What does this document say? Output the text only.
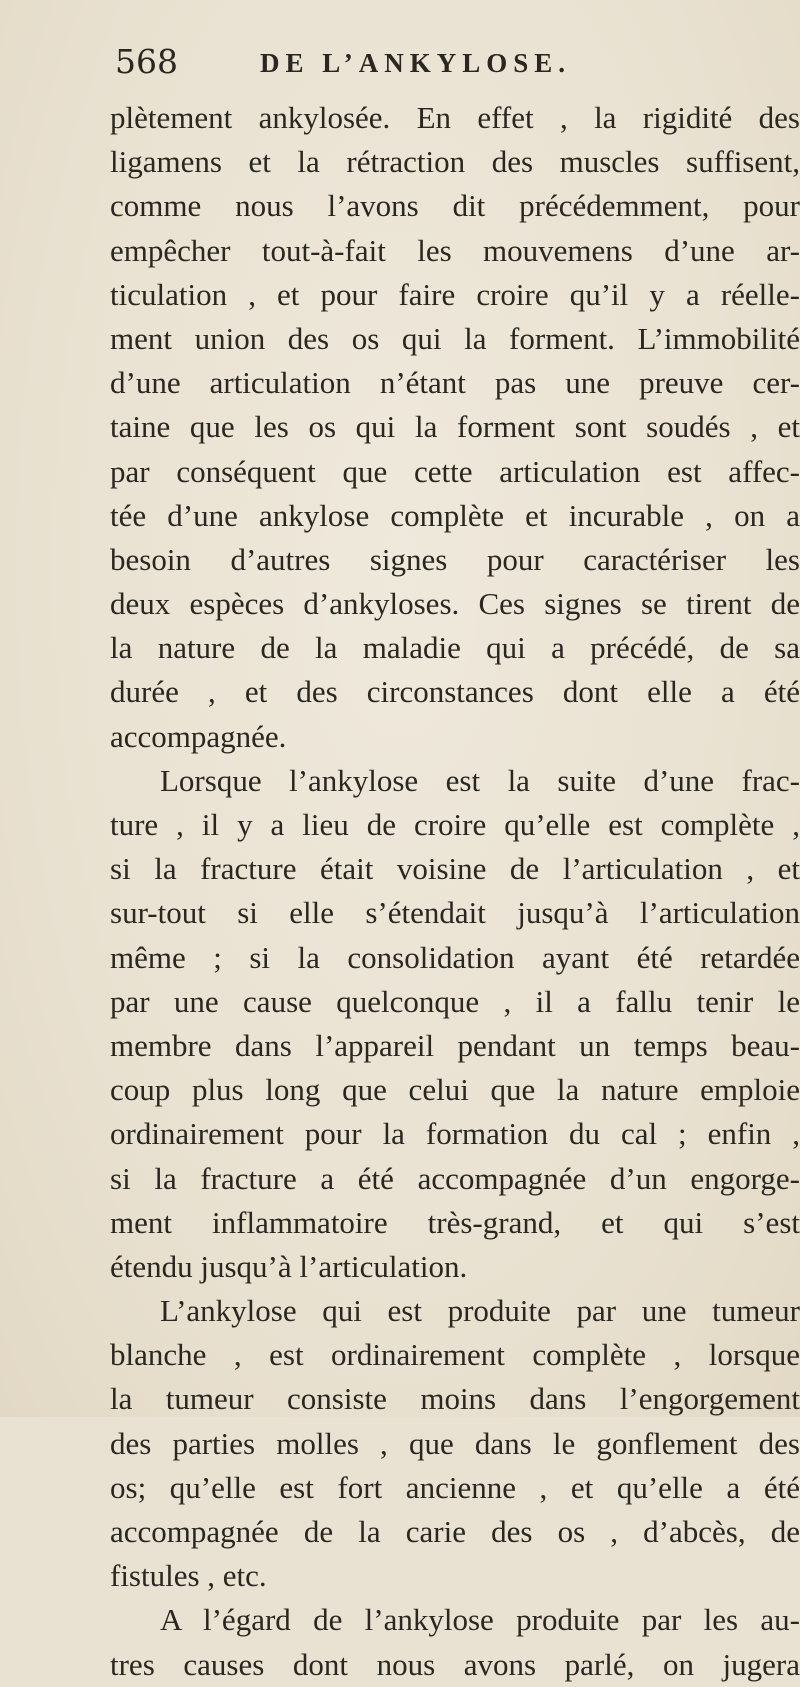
568	DE L’ANKYLOSE.
plètement ankylosée. En effet , la rigidité des
ligamens et la rétraction des muscles suffisent,
comme nous l’avons dit précédemment, pour
empêcher tout-à-fait les mouvemens d’une ar-
ticulation , et pour faire croire qu’il y a réelle-
ment union des os qui la forment. L’immobilité
d’une articulation n’étant pas une preuve cer-
taine que les os qui la forment sont soudés , et
par conséquent que cette articulation est affec-
tée d’une ankylose complète et incurable , on a
besoin d’autres signes pour caractériser les
deux espèces d’ankyloses. Ces signes se tirent de
la nature de la maladie qui a précédé, de sa
durée , et des circonstances dont elle a été
accompagnée.
Lorsque l’ankylose est la suite d’une frac-
ture , il y a lieu de croire qu’elle est complète ,
si la fracture était voisine de l’articulation , et
sur-tout si elle s’étendait jusqu’à l’articulation
même ; si la consolidation ayant été retardée
par une cause quelconque , il a fallu tenir le
membre dans l’appareil pendant un temps beau-
coup plus long que celui que la nature emploie
ordinairement pour la formation du cal ; enfin ,
si la fracture a été accompagnée d’un engorge-
ment inflammatoire très-grand, et qui s’est
étendu jusqu’à l’articulation.
L’ankylose qui est produite par une tumeur
blanche , est ordinairement complète , lorsque
la tumeur consiste moins dans l’engorgement
des parties molles , que dans le gonflement des
os; qu’elle est fort ancienne , et qu’elle a été
accompagnée de la carie des os , d’abcès, de
fistules , etc.
A l’égard de l’ankylose produite par les au-
tres causes dont nous avons parlé, on jugera
